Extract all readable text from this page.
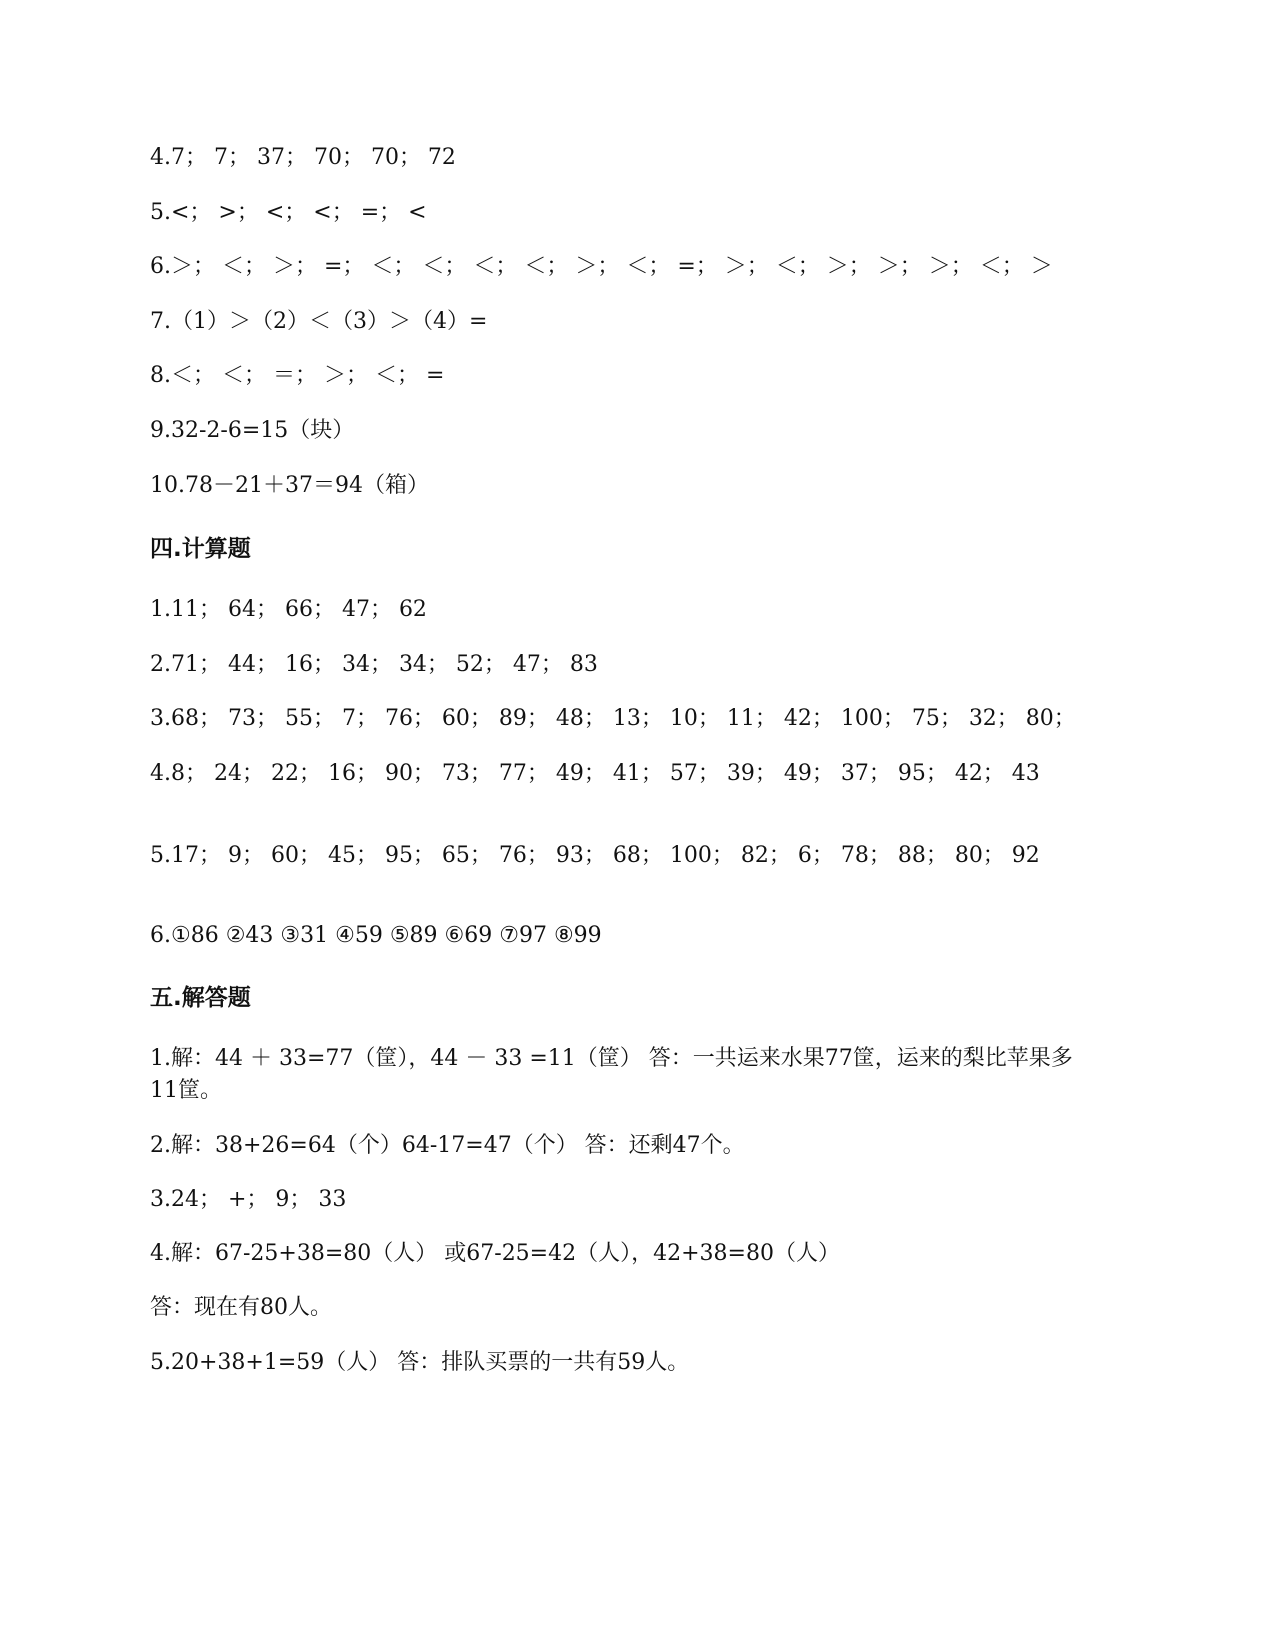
4.7； 7； 37； 70； 70； 72
5.<； >； <； <； =； <
6.＞； ＜； ＞； =； ＜； ＜； ＜； ＜； ＞； ＜； =； ＞； ＜； ＞； ＞； ＞； ＜； ＞
7.（1）＞（2）＜（3）＞（4）=
8.＜； ＜； ＝； ＞； ＜； =
9.32-2-6=15（块）
10.78－21＋37＝94（箱）
四.计算题
1.11； 64； 66； 47； 62
2.71； 44； 16； 34； 34； 52； 47； 83
3.68； 73； 55； 7； 76； 60； 89； 48； 13； 10； 11； 42； 100； 75； 32； 80；
4.8； 24； 22； 16； 90； 73； 77； 49； 41； 57； 39； 49； 37； 95； 42； 43
5.17； 9； 60； 45； 95； 65； 76； 93； 68； 100； 82； 6； 78； 88； 80； 92
6.①86 ②43 ③31 ④59 ⑤89 ⑥69 ⑦97 ⑧99
五.解答题
1.解：44 ＋ 33=77（筐），44 － 33 =11（筐） 答：一共运来水果77筐，运来的梨比苹果多11筐。
2.解：38+26=64（个）64-17=47（个） 答：还剩47个。
3.24； +； 9； 33
4.解：67-25+38=80（人） 或67-25=42（人），42+38=80（人）
答：现在有80人。
5.20+38+1=59（人） 答：排队买票的一共有59人。
